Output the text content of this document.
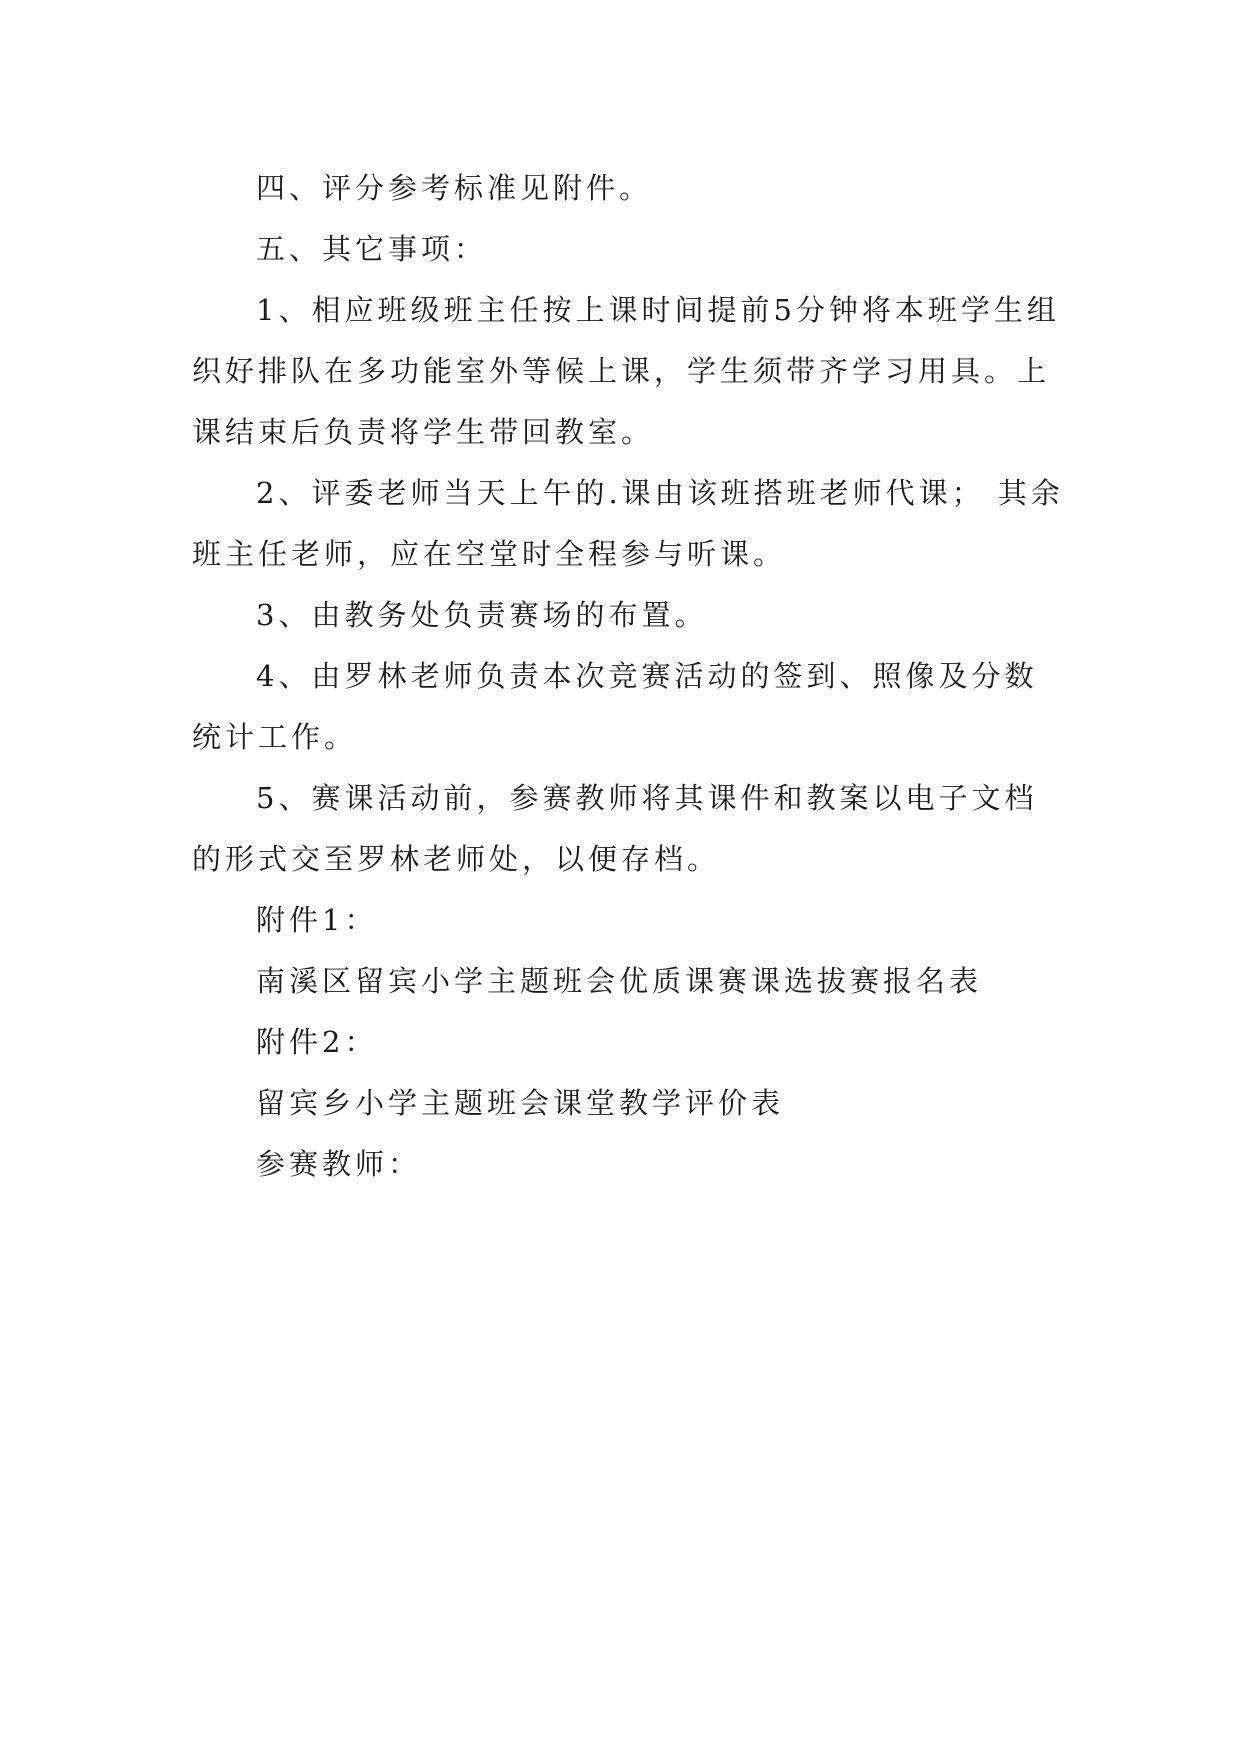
四、评分参考标准见附件。

五、其它事项：

1、相应班级班主任按上课时间提前5分钟将本班学生组织好排队在多功能室外等候上课，学生须带齐学习用具。上课结束后负责将学生带回教室。

2、评委老师当天上午的.课由该班搭班老师代课； 其余班主任老师，应在空堂时全程参与听课。

3、由教务处负责赛场的布置。

4、由罗林老师负责本次竞赛活动的签到、照像及分数统计工作。

5、赛课活动前，参赛教师将其课件和教案以电子文档的形式交至罗林老师处，以便存档。

附件1：

南溪区留宾小学主题班会优质课赛课选拔赛报名表

附件2：

留宾乡小学主题班会课堂教学评价表

参赛教师：
